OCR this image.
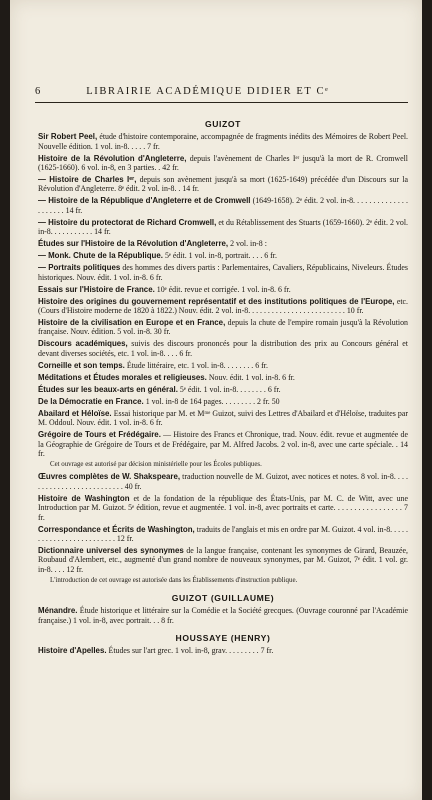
6	LIBRAIRIE ACADÉMIQUE DIDIER ET Cᵉ
GUIZOT
Sir Robert Peel, étude d'histoire contemporaine, accompagnée de fragments inédits des Mémoires de Robert Peel. Nouvelle édition. 1 vol. in-8. . . . . 7 fr.
Histoire de la Révolution d'Angleterre, depuis l'avènement de Charles Iᵉʳ jusqu'à la mort de R. Cromwell (1625-1660). 6 vol. in-8, en 3 parties. . 42 fr.
— Histoire de Charles Iᵉʳ, depuis son avènement jusqu'à sa mort (1625-1649) précédée d'un Discours sur la Révolution d'Angleterre. 8ᵉ édit. 2 vol. in-8. . 14 fr.
— Histoire de la République d'Angleterre et de Cromwell (1649-1658). 2ᵉ édit. 2 vol. in-8. . . . . . . . . . . . . . . . . . . . . 14 fr.
— Histoire du protectorat de Richard Cromwell, et du Rétablissement des Stuarts (1659-1660). 2ᵉ édit. 2 vol. in-8. . . . . . . . . . . 14 fr.
Études sur l'Histoire de la Révolution d'Angleterre, 2 vol. in-8 :
— Monk. Chute de la République. 5ᵉ édit. 1 vol. in-8, portrait. . . . 6 fr.
— Portraits politiques des hommes des divers partis : Parlementaires, Cavaliers, Républicains, Niveleurs. Études historiques. Nouv. édit. 1 vol. in-8. 6 fr.
Essais sur l'Histoire de France. 10ᵉ édit. revue et corrigée. 1 vol. in-8. 6 fr.
Histoire des origines du gouvernement représentatif et des institutions politiques de l'Europe, etc. (Cours d'Histoire moderne de 1820 à 1822.) Nouv. édit. 2 vol. in-8. . . . . . . . . . . . . . . . . . . . . . . . . 10 fr.
Histoire de la civilisation en Europe et en France, depuis la chute de l'empire romain jusqu'à la Révolution française. Nouv. édition. 5 vol. in-8. 30 fr.
Discours académiques, suivis des discours prononcés pour la distribution des prix au Concours général et devant diverses sociétés, etc. 1 vol. in-8. . . . 6 fr.
Corneille et son temps. Étude littéraire, etc. 1 vol. in-8. . . . . . . . 6 fr.
Méditations et Études morales et religieuses. Nouv. édit. 1 vol. in-8. 6 fr.
Études sur les beaux-arts en général. 5ᵉ édit. 1 vol. in-8. . . . . . . . 6 fr.
De la Démocratie en France. 1 vol. in-8 de 164 pages. . . . . . . . . 2 fr. 50
Abailard et Héloïse. Essai historique par M. et Mᵐᵉ Guizot, suivi des Lettres d'Abailard et d'Héloïse, traduites par M. Oddoul. Nouv. édit. 1 vol. in-8. 6 fr.
Grégoire de Tours et Frédégaire. — Histoire des Francs et Chronique, trad. Nouv. édit. revue et augmentée de la Géographie de Grégoire de Tours et de Frédégaire, par M. Alfred Jacobs. 2 vol. in-8, avec une carte spéciale. . 14 fr.
Cet ouvrage est autorisé par décision ministérielle pour les Écoles publiques.
Œuvres complètes de W. Shakspeare, traduction nouvelle de M. Guizot, avec notices et notes. 8 vol. in-8. . . . . . . . . . . . . . . . . . . . . . . . . . 40 fr.
Histoire de Washington et de la fondation de la république des États-Unis, par M. C. de Witt, avec une Introduction par M. Guizot. 5ᵉ édition, revue et augmentée. 1 vol. in-8, avec portraits et carte. . . . . . . . . . . . . . . . . 7 fr.
Correspondance et Écrits de Washington, traduits de l'anglais et mis en ordre par M. Guizot. 4 vol. in-8. . . . . . . . . . . . . . . . . . . . . . . . . 12 fr.
Dictionnaire universel des synonymes de la langue française, contenant les synonymes de Girard, Beauzée, Roubaud d'Alembert, etc., augmenté d'un grand nombre de nouveaux synonymes, par M. Guizot, 7ᵉ édit. 1 vol. gr. in-8. . . . 12 fr.
L'introduction de cet ouvrage est autorisée dans les Établissements d'instruction publique.
GUIZOT (GUILLAUME)
Ménandre. Étude historique et littéraire sur la Comédie et la Société grecques. (Ouvrage couronné par l'Académie française.) 1 vol. in-8, avec portrait. . . 8 fr.
HOUSSAYE (HENRY)
Histoire d'Apelles. Études sur l'art grec. 1 vol. in-8, grav. . . . . . . . . 7 fr.
